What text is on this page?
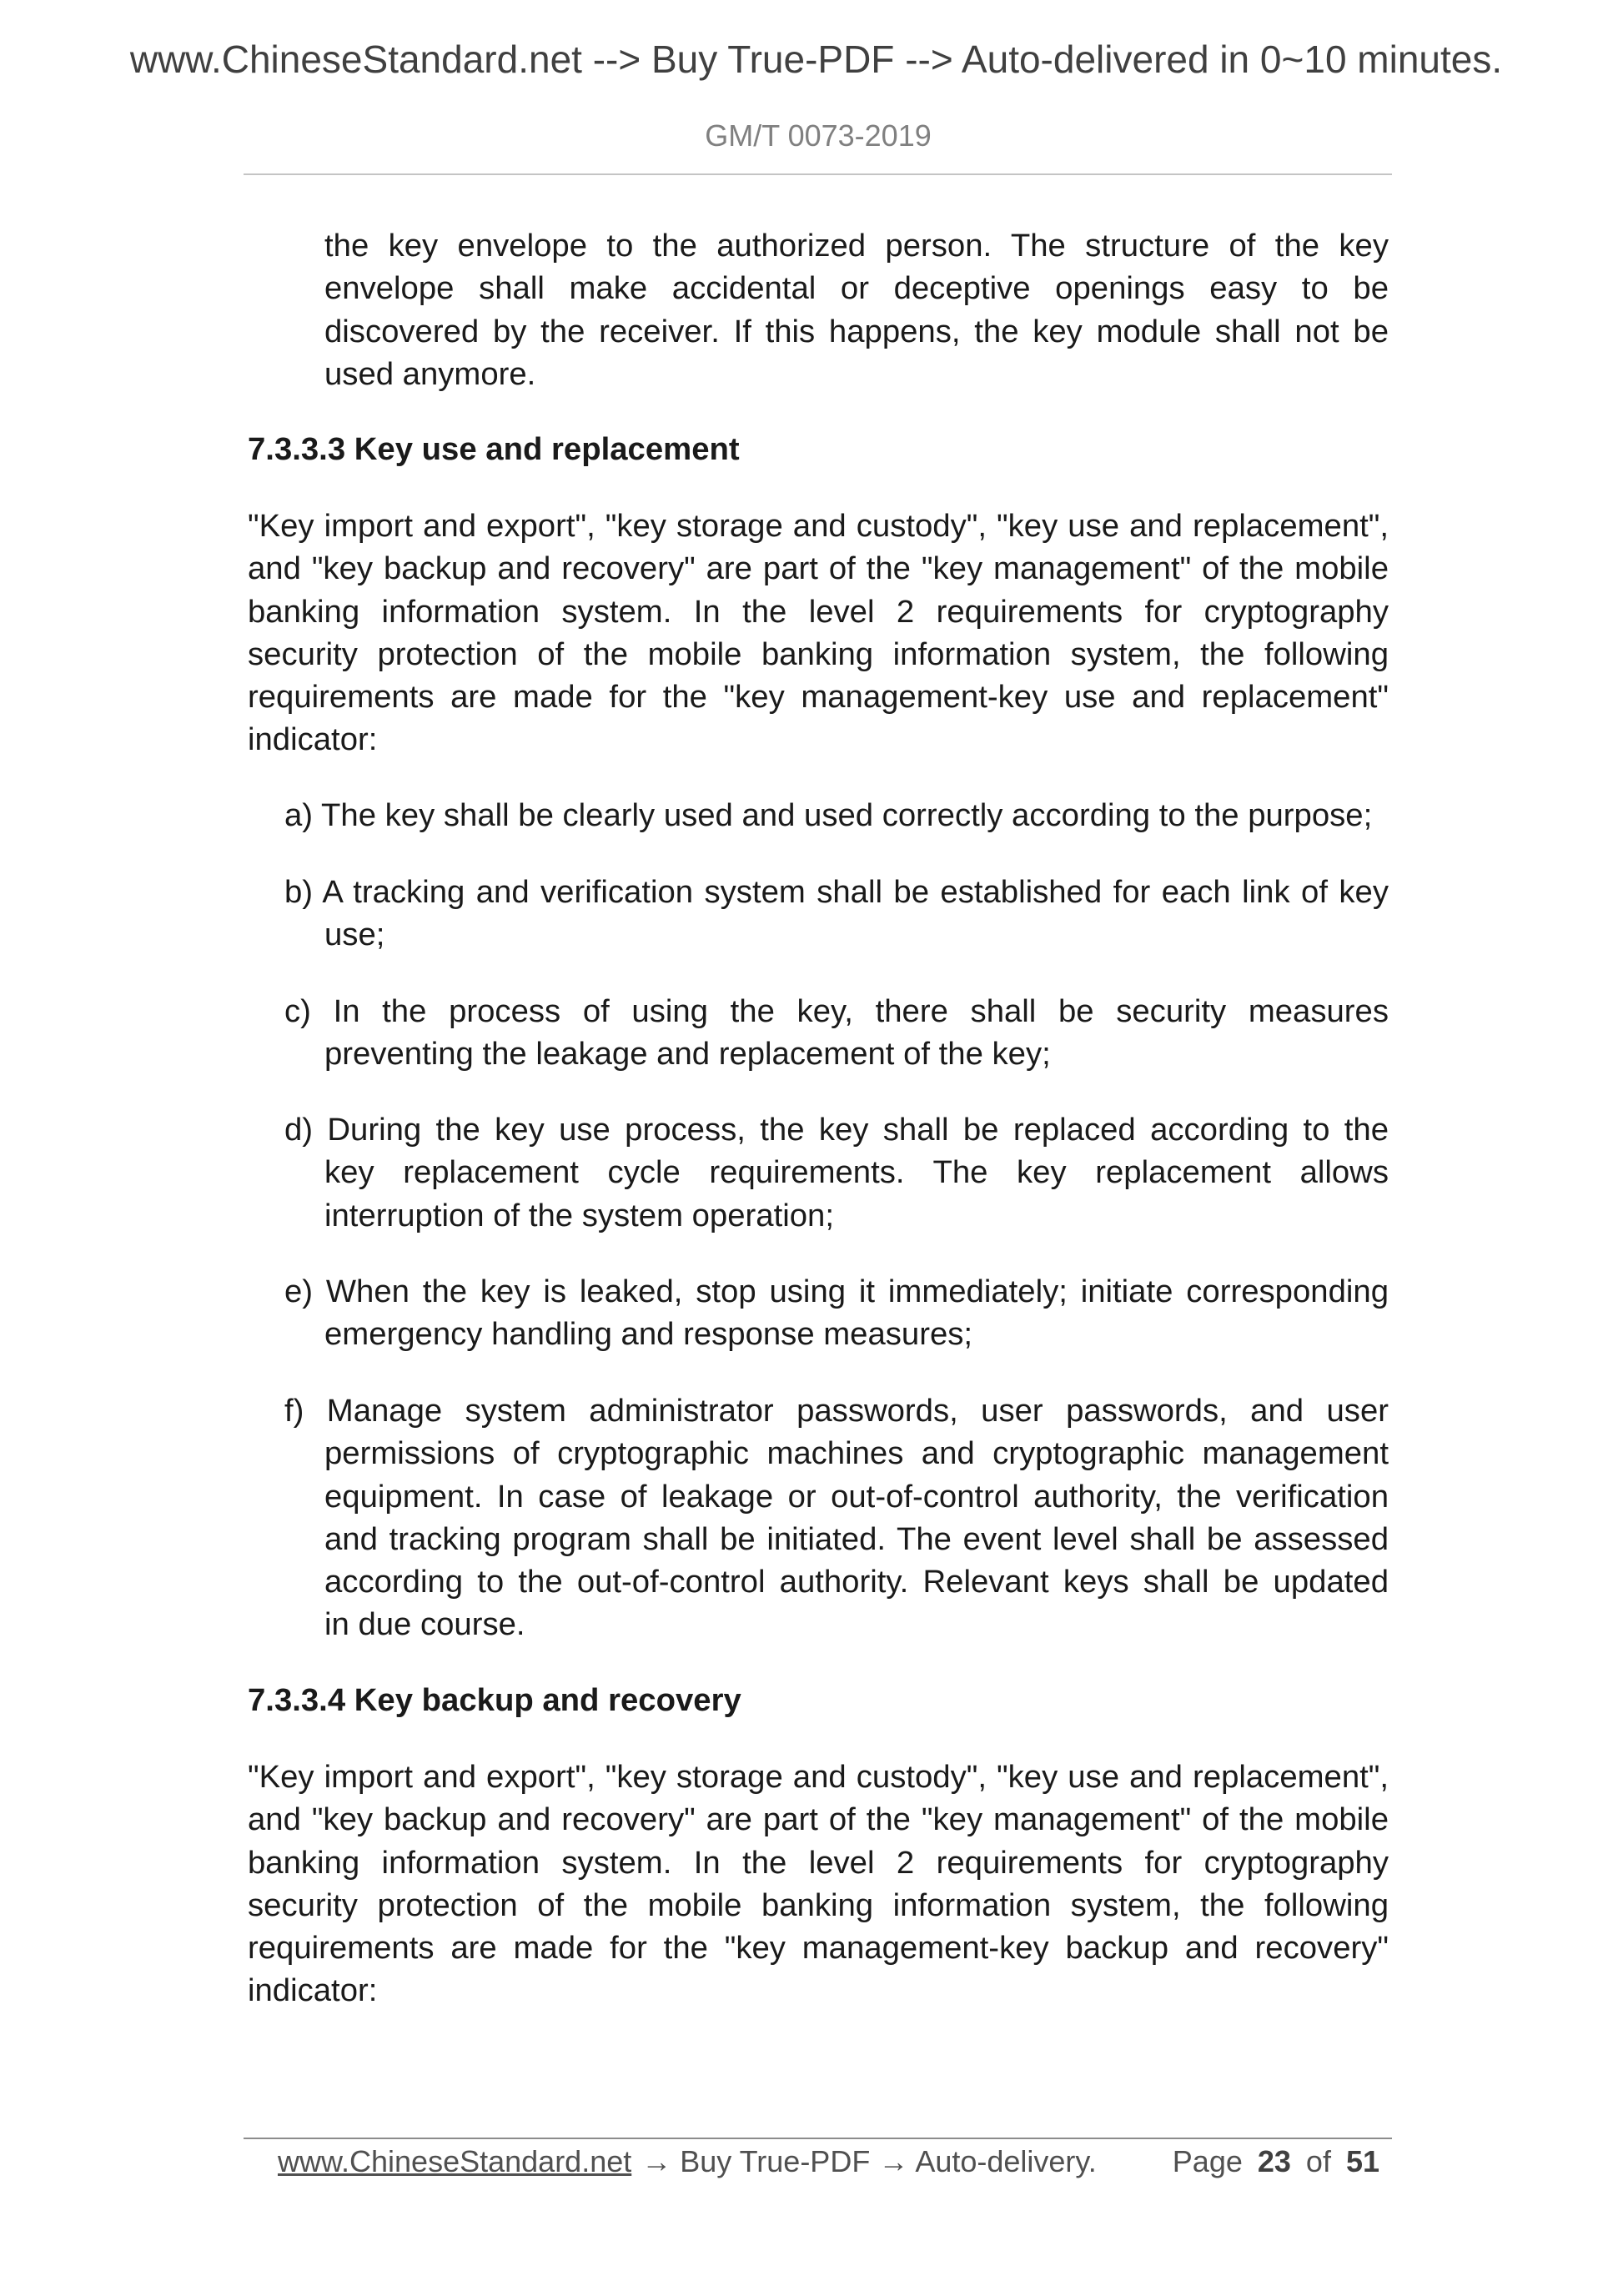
www.ChineseStandard.net --> Buy True-PDF --> Auto-delivered in 0~10 minutes.
GM/T 0073-2019
the key envelope to the authorized person. The structure of the key
envelope shall make accidental or deceptive openings easy to be
discovered by the receiver. If this happens, the key module shall not be
used anymore.
7.3.3.3 Key use and replacement
"Key import and export", "key storage and custody", "key use and replacement",
and "key backup and recovery" are part of the "key management" of the mobile
banking information system. In the level 2 requirements for cryptography
security protection of the mobile banking information system, the following
requirements are made for the "key management-key use and replacement"
indicator:
a) The key shall be clearly used and used correctly according to the purpose;
b) A tracking and verification system shall be established for each link of key
use;
c) In the process of using the key, there shall be security measures
preventing the leakage and replacement of the key;
d) During the key use process, the key shall be replaced according to the
key replacement cycle requirements. The key replacement allows
interruption of the system operation;
e) When the key is leaked, stop using it immediately; initiate corresponding
emergency handling and response measures;
f) Manage system administrator passwords, user passwords, and user
permissions of cryptographic machines and cryptographic management
equipment. In case of leakage or out-of-control authority, the verification
and tracking program shall be initiated. The event level shall be assessed
according to the out-of-control authority. Relevant keys shall be updated
in due course.
7.3.3.4 Key backup and recovery
"Key import and export", "key storage and custody", "key use and replacement",
and "key backup and recovery" are part of the "key management" of the mobile
banking information system. In the level 2 requirements for cryptography
security protection of the mobile banking information system, the following
requirements are made for the "key management-key backup and recovery"
indicator:
www.ChineseStandard.net → Buy True-PDF → Auto-delivery.	Page 23 of 51
